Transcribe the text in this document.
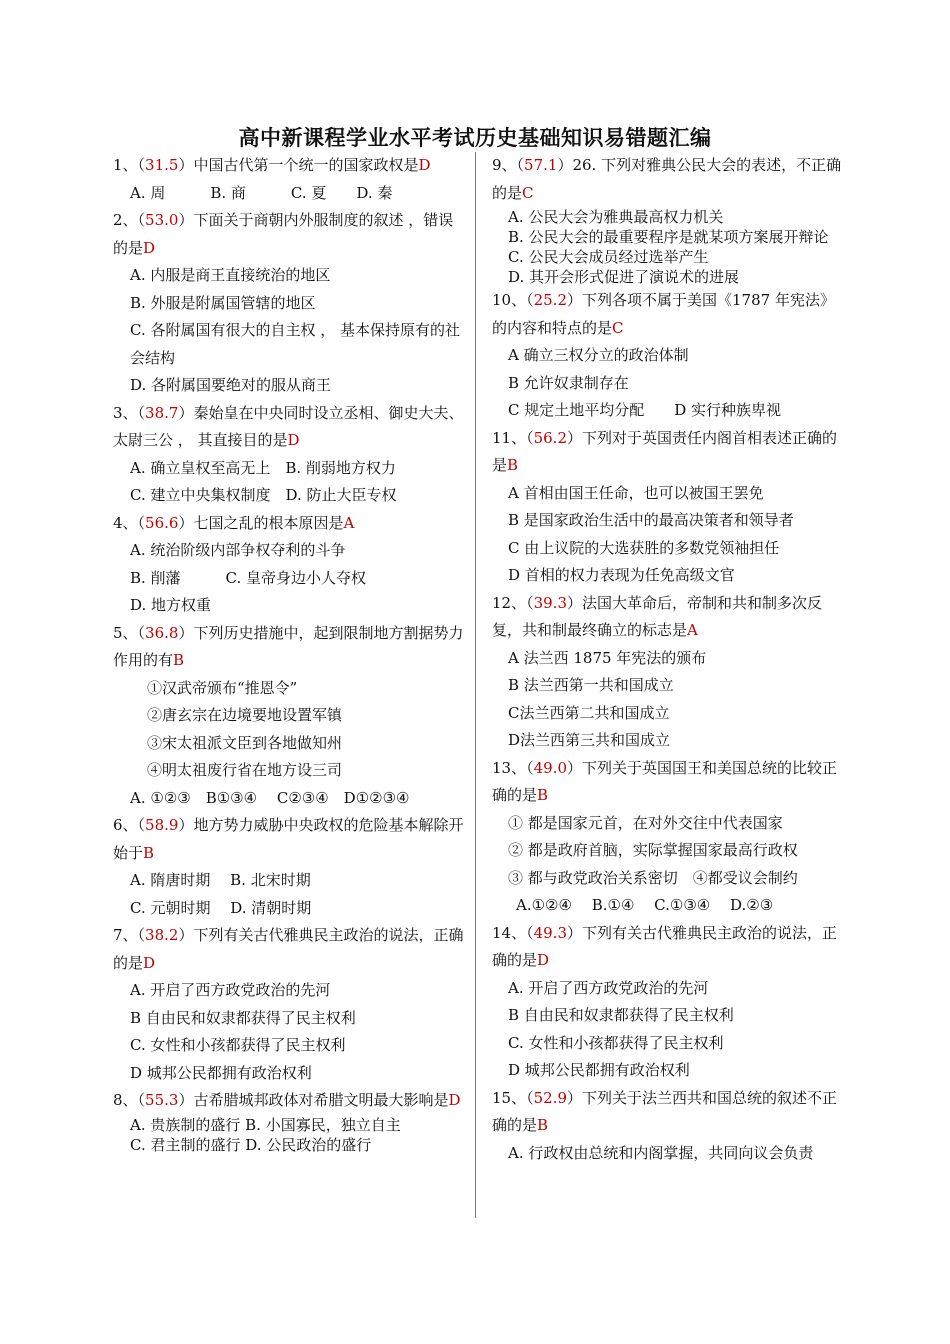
高中新课程学业水平考试历史基础知识易错题汇编

1、（31.5）中国古代第一个统一的国家政权是D

A. 周　　　B. 商　　　C. 夏　　D. 秦

2、（53.0）下面关于商朝内外服制度的叙述 ，错误的是D

A. 内服是商王直接统治的地区

B. 外服是附属国管辖的地区

C. 各附属国有很大的自主权 ， 基本保持原有的社会结构

D. 各附属国要绝对的服从商王

3、（38.7）秦始皇在中央同时设立丞相、御史大夫、太尉三公 ， 其直接目的是D

A. 确立皇权至高无上　B. 削弱地方权力

C. 建立中央集权制度　D. 防止大臣专权

4、（56.6）七国之乱的根本原因是A

A. 统治阶级内部争权夺利的斗争

B. 削藩　　　C. 皇帝身边小人夺权

D. 地方权重

5、（36.8）下列历史措施中，起到限制地方割据势力作用的有B

①汉武帝颁布“推恩令”

②唐玄宗在边境要地设置军镇

③宋太祖派文臣到各地做知州

④明太祖废行省在地方设三司

A. ①②③　B①③④　 C②③④　D①②③④

6、（58.9）地方势力威胁中央政权的危险基本解除开始于B

A. 隋唐时期　 B. 北宋时期

C. 元朝时期　 D. 清朝时期

7、（38.2）下列有关古代雅典民主政治的说法，正确的是D

A. 开启了西方政党政治的先河

B 自由民和奴隶都获得了民主权利

C. 女性和小孩都获得了民主权利

D 城邦公民都拥有政治权利

8、（55.3）古希腊城邦政体对希腊文明最大影响是D

A. 贵族制的盛行 B. 小国寡民，独立自主

C. 君主制的盛行 D. 公民政治的盛行

9、（57.1）26. 下列对雅典公民大会的表述，不正确的是C

A. 公民大会为雅典最高权力机关

B. 公民大会的最重要程序是就某项方案展开辩论

C. 公民大会成员经过选举产生

D. 其开会形式促进了演说术的进展

10、（25.2）下列各项不属于美国《1787 年宪法》的内容和特点的是C

A 确立三权分立的政治体制

B 允许奴隶制存在

C 规定土地平均分配　　D 实行种族卑视

11、（56.2）下列对于英国责任内阁首相表述正确的是B

A 首相由国王任命，也可以被国王罢免

B 是国家政治生活中的最高决策者和领导者

C 由上议院的大选获胜的多数党领袖担任

D 首相的权力表现为任免高级文官

12、（39.3）法国大革命后，帝制和共和制多次反复，共和制最终确立的标志是A

A 法兰西 1875 年宪法的颁布

B 法兰西第一共和国成立

C法兰西第二共和国成立

D法兰西第三共和国成立

13、（49.0）下列关于英国国王和美国总统的比较正确的是B

① 都是国家元首，在对外交往中代表国家

② 都是政府首脑，实际掌握国家最高行政权

③ 都与政党政治关系密切　④都受议会制约

A.①②④　 B.①④　 C.①③④　 D.②③

14、（49.3）下列有关古代雅典民主政治的说法，正确的是D

A. 开启了西方政党政治的先河

B 自由民和奴隶都获得了民主权利

C. 女性和小孩都获得了民主权利

D 城邦公民都拥有政治权利

15、（52.9）下列关于法兰西共和国总统的叙述不正确的是B

A. 行政权由总统和内阁掌握，共同向议会负责
